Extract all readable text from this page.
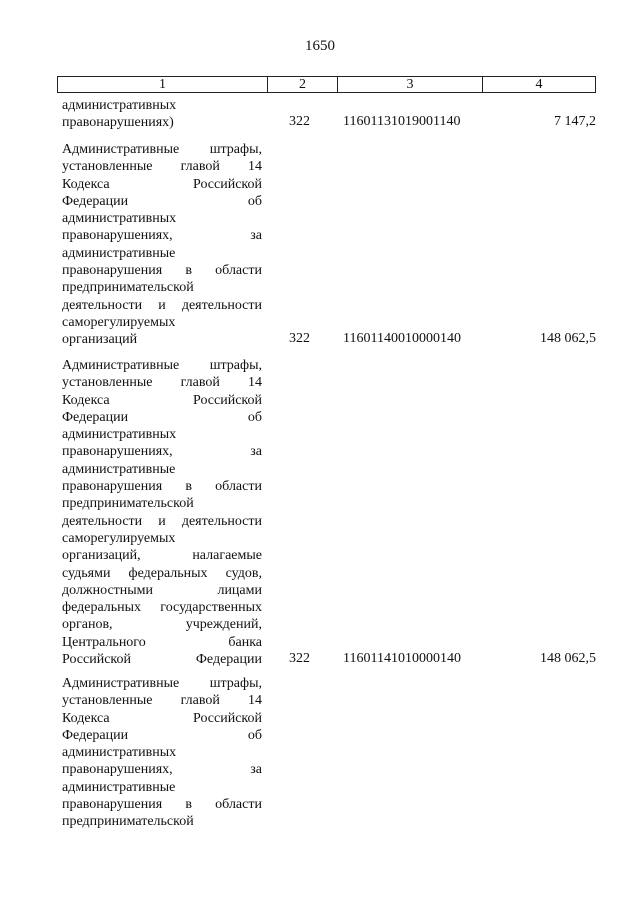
1650
1	2	3	4
административных
правонарушениях)	322 11601131019001140	7 147,2
Административные штрафы,
установленные главой 14
Кодекса	Российской
Федерации	об
административных
правонарушениях,	за
административные
правонарушения в области
предпринимательской
деятельности и деятельности
саморегулируемых
организаций	322 11601140010000140	148 062,5
Административные штрафы,
установленные главой 14
Кодекса	Российской
Федерации	об
административных
правонарушениях,	за
административные
правонарушения в области
предпринимательской
деятельности и деятельности
саморегулируемых
организаций,	налагаемые
судьями федеральных судов,
должностными	лицами
федеральных государственных
органов,	учреждений,
Центрального	банка
Российской	Федерации 322 11601141010000140	148 062,5
Административные штрафы,
установленные главой 14
Кодекса	Российской
Федерации	об
административных
правонарушениях,	за
административные
правонарушения в области
предпринимательской
